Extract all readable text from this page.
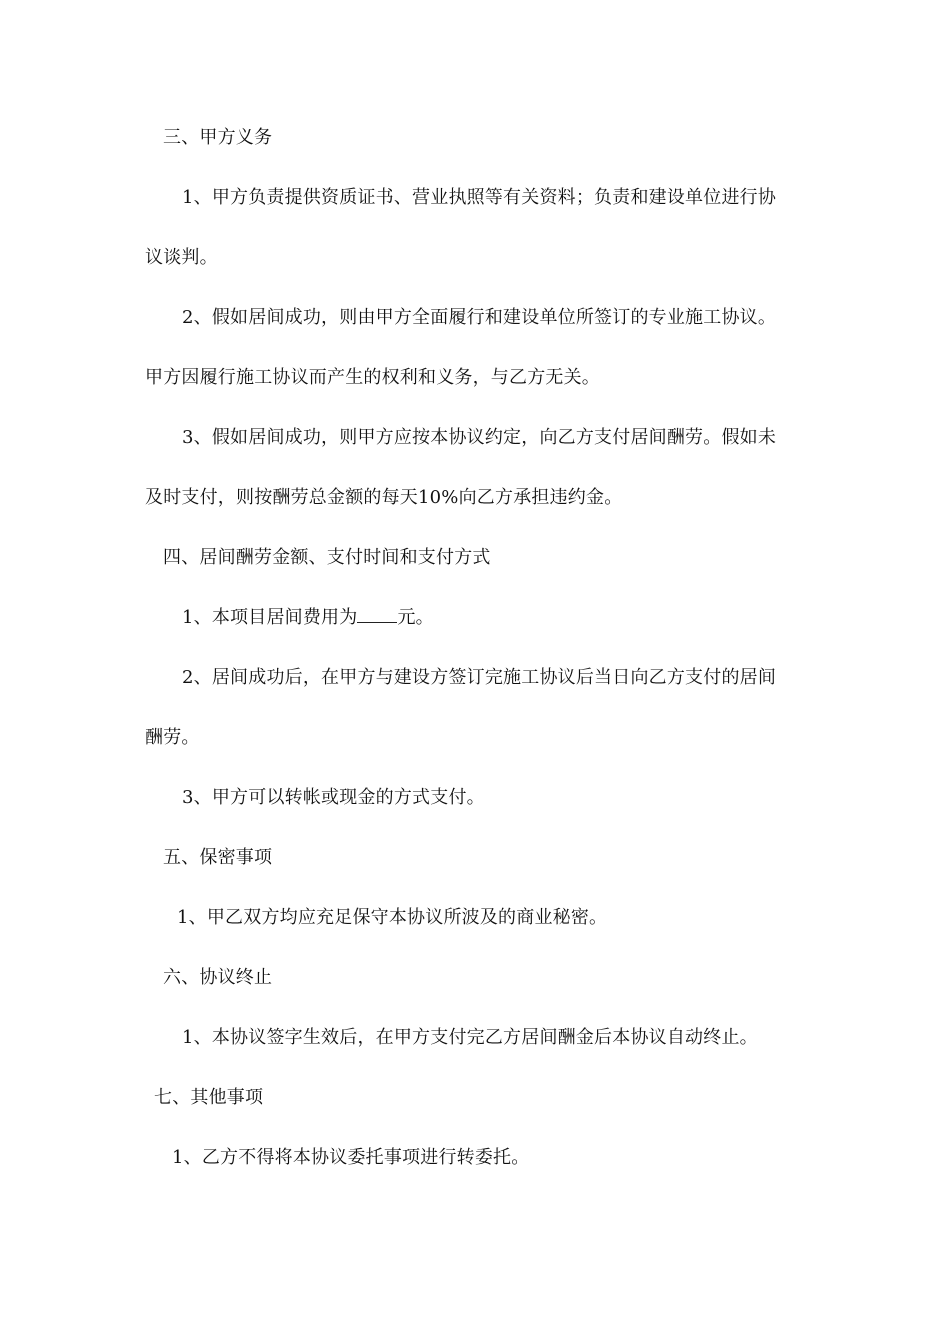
三、甲方义务
1、甲方负责提供资质证书、营业执照等有关资料；负责和建设单位进行协
议谈判。
2、假如居间成功，则由甲方全面履行和建设单位所签订的专业施工协议。
甲方因履行施工协议而产生的权利和义务，与乙方无关。
3、假如居间成功，则甲方应按本协议约定，向乙方支付居间酬劳。假如未
及时支付，则按酬劳总金额的每天10%向乙方承担违约金。
四、居间酬劳金额、支付时间和支付方式
1、本项目居间费用为 元。
2、居间成功后，在甲方与建设方签订完施工协议后当日向乙方支付的居间
酬劳。
3、甲方可以转帐或现金的方式支付。
五、保密事项
1、甲乙双方均应充足保守本协议所波及的商业秘密。
六、协议终止
1、本协议签字生效后，在甲方支付完乙方居间酬金后本协议自动终止。
七、其他事项
1、乙方不得将本协议委托事项进行转委托。
